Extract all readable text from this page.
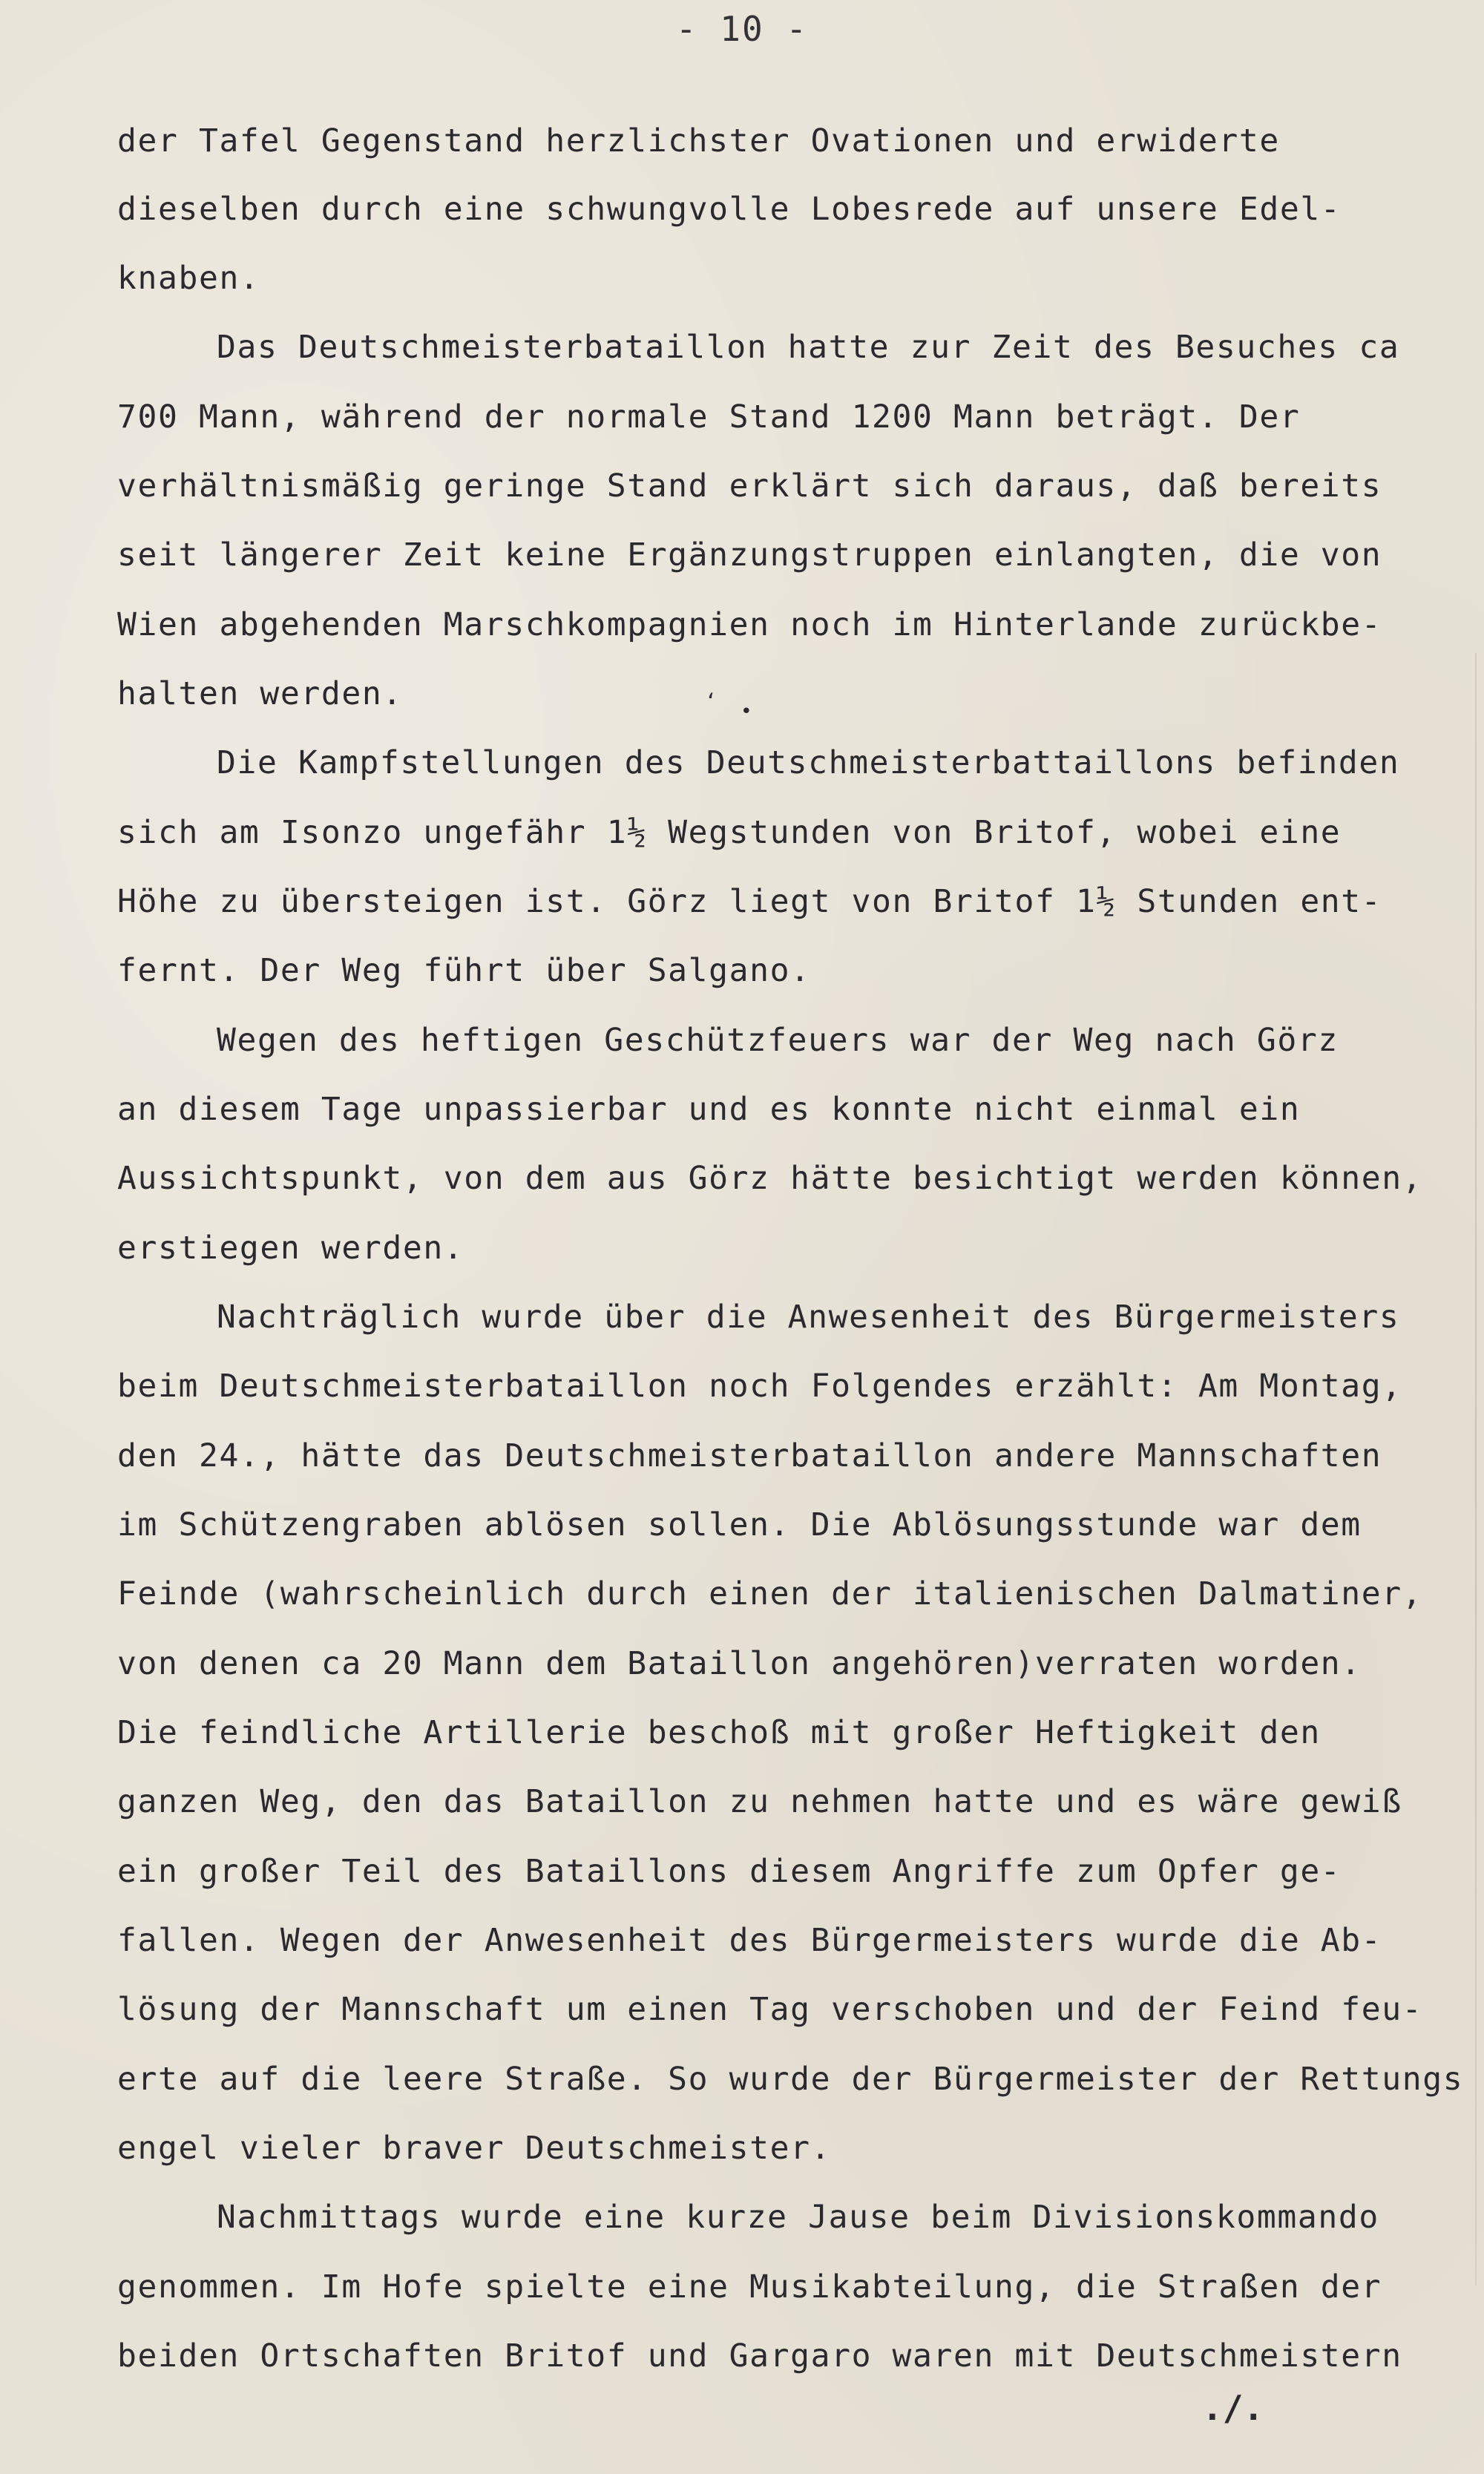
- 10 -
der Tafel Gegenstand herzlichster Ovationen und erwiderte
dieselben durch eine schwungvolle Lobesrede auf unsere Edel-
knaben.
Das Deutschmeisterbataillon hatte zur Zeit des Besuches ca
700 Mann, während der normale Stand 1200 Mann beträgt. Der
verhältnismäßig geringe Stand erklärt sich daraus, daß bereits
seit längerer Zeit keine Ergänzungstruppen einlangten, die von
Wien abgehenden Marschkompagnien noch im Hinterlande zurückbe-
halten werden.
Die Kampfstellungen des Deutschmeisterbattaillons befinden
sich am Isonzo ungefähr 1½ Wegstunden von Britof, wobei eine
Höhe zu übersteigen ist. Görz liegt von Britof 1½ Stunden ent-
fernt. Der Weg führt über Salgano.
Wegen des heftigen Geschützfeuers war der Weg nach Görz
an diesem Tage unpassierbar und es konnte nicht einmal ein
Aussichtspunkt, von dem aus Görz hätte besichtigt werden können,
erstiegen werden.
Nachträglich wurde über die Anwesenheit des Bürgermeisters
beim Deutschmeisterbataillon noch Folgendes erzählt: Am Montag,
den 24., hätte das Deutschmeisterbataillon andere Mannschaften
im Schützengraben ablösen sollen. Die Ablösungsstunde war dem
Feinde (wahrscheinlich durch einen der italienischen Dalmatiner,
von denen ca 20 Mann dem Bataillon angehören)verraten worden.
Die feindliche Artillerie beschoß mit großer Heftigkeit den
ganzen Weg, den das Bataillon zu nehmen hatte und es wäre gewiß
ein großer Teil des Bataillons diesem Angriffe zum Opfer ge-
fallen. Wegen der Anwesenheit des Bürgermeisters wurde die Ab-
lösung der Mannschaft um einen Tag verschoben und der Feind feu-
erte auf die leere Straße. So wurde der Bürgermeister der Rettungs
engel vieler braver Deutschmeister.
Nachmittags wurde eine kurze Jause beim Divisionskommando
genommen. Im Hofe spielte eine Musikabteilung, die Straßen der
beiden Ortschaften Britof und Gargaro waren mit Deutschmeistern
‘ •
./.
